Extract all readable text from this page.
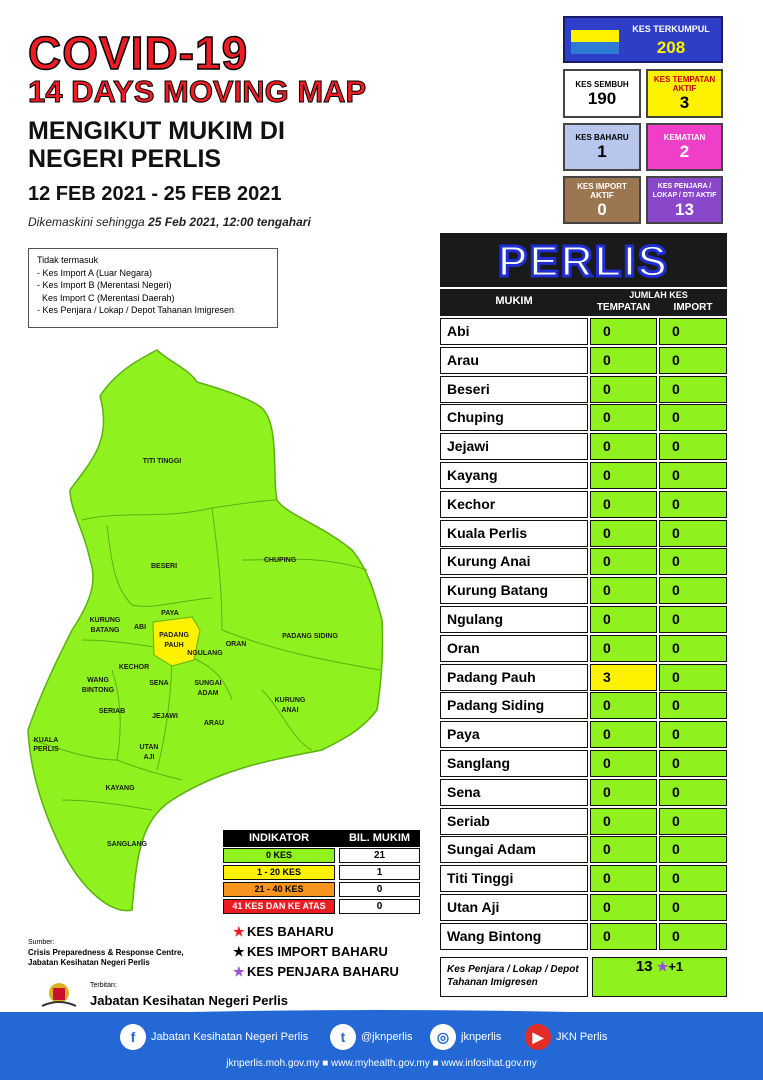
COVID-19
14 DAYS MOVING MAP
MENGIKUT MUKIM DI
NEGERI PERLIS
12 FEB 2021 - 25 FEB 2021
Dikemaskini sehingga 25 Feb 2021, 12:00 tengahari
Tidak termasuk
- Kes Import A (Luar Negara)
- Kes Import B (Merentasi Negeri)
Kes Import C (Merentasi Daerah)
- Kes Penjara / Lokap / Depot Tahanan Imigresen
KES TERKUMPUL
208
KES SEMBUH
190
KES TEMPATAN AKTIF
3
KES BAHARU
1
KEMATIAN
2
KES IMPORT AKTIF
0
KES PENJARA / LOKAP / DTI AKTIF
13
TITI TINGGI
BESERI
CHUPING
PAYA
KURUNG
BATANG ABI
PADANG
PAUH
NGULANG
ORAN
PADANG SIDING
KECHOR
WANG
BINTONG
SENA	SUNGAI
ADAM
KURUNG
ANAI
SERIAB
JEJAWI
ARAU
KUALA
PERLIS	UTAN
AJI
KAYANG
SANGLANG
PERLIS
MUKIM	JUMLAH KES
TEMPATAN	IMPORT
Abi	0	0
Arau	0	0
Beseri	0	0
Chuping	0	0
Jejawi	0	0
Kayang	0	0
Kechor	0	0
Kuala Perlis	0	0
Kurung Anai	0	0
Kurung Batang	0	0
Ngulang	0	0
Oran	0	0
Padang Pauh	3	0
Padang Siding	0	0
Paya	0	0
Sanglang	0	0
Sena	0	0
Seriab	0	0
Sungai Adam	0	0
Titi Tinggi	0	0
Utan Aji	0	0
Wang Bintong	0	0
Kes Penjara / Lokap / Depot Tahanan Imigresen
13 ★+1
INDIKATOR	BIL. MUKIM
0 KES	21
1 - 20 KES	1
21 - 40 KES	0
41 KES DAN KE ATAS	0
★ KES BAHARU
★ KES IMPORT BAHARU
★ KES PENJARA BAHARU
Sumber:
Crisis Preparedness & Response Centre,
Jabatan Kesihatan Negeri Perlis
Terbitan:
Jabatan Kesihatan Negeri Perlis
f	Jabatan Kesihatan Negeri Perlis	t	@jknperlis	◎	jknperlis	▶	JKN Perlis
jknperlis.moh.gov.my ■ www.myhealth.gov.my ■ www.infosihat.gov.my
